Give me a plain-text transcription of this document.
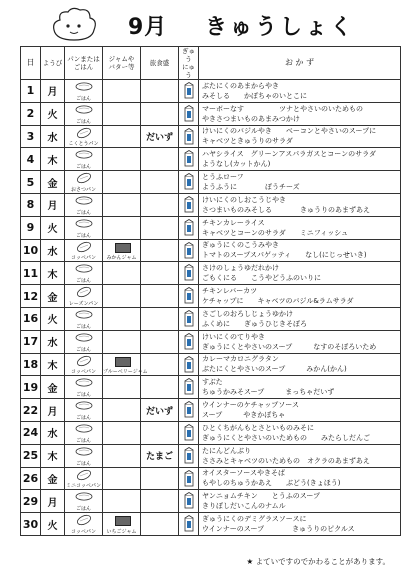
9月 きゅうしょく
日	ようび	パンまたは
ごはん	ジャムや
バター等	旅食盛	ぎゅう
にゅう	お か ず
1	月	ごはん				ぶたにくのあまからやき
みそしる　　かぼちゃのいとこに
2	火	ごはん				マーボーなす　　　　　ツナとやさいのいためもの
やきさつまいものあまみつかけ
3	水	こくとうパン		だいず		けいにくのバジルやき　　ベーコンとやさいのスープに
キャベツときゅうりのサラダ
4	木	ごはん				ハヤシライス　グリーンアスパラガスとコーンのサラダ
ようなし(カットかん)
5	金	おさつパン				とうふローフ
ようふうに　　　　ぼうチーズ
8	月	ごはん				けいにくのしおこうじやき
さつまいものみそしる　　　　きゅうりのあまずあえ
9	火	ごはん				チキンカレーライス
キャベツとコーンのサラダ　　ミニフィッシュ
10	水	コッペパン	みかんジャム			ぎゅうにくのこうみやき
トマトのスープスパゲッティ　　なし(にじっせいき)
11	木	ごはん				さけのしょうゆだれかけ
ごもくにる　　こうやどうふのいりに
12	金	レーズンパン				チキンレバーカツ
ケチャップに　　キャベツのバジル&ラムサラダ
16	火	ごはん				さごしのおろしじょうゆかけ
ふくめに　　ぎゅうひじきそぼろ
17	水	ごはん				けいにくのてりやき
ぎゅうにくとやさいのスープ　　　なすのそぼろいため
18	木	コッペパン	ブルーベリージャム			カレーマカロニグラタン
ぶたにくとやさいのスープ　　　みかん(かん)
19	金	ごはん				すぶた
ちゅうかみそスープ　　　まっちゃだいず
22	月	ごはん		だいず		ウインナーのケチャップソース
スープ　　　やきかぼちゃ
24	水	ごはん				ひとくちがんもとさといものみそに
ぎゅうにくとやさいのいためもの　　みたらしだんご
25	木	ごはん		たまご		たにんどんぶり
ささみとキャベツのいためもの　オクラのあまずあえ
26	金	ミニコッペパン				オイスターソースやきそば
もやしのちゅうかあえ　　ぶどう(きょほう)
29	月	ごはん				ヤンニョムチキン　　とうふのスープ
きりぼしだいこんのナムル
30	火	コッペパン	いちごジャム			ぎゅうにくのデミグラスソースに
ウインナーのスープ　　　　きゅうりのピクルス
★ よていですのでかわることがあります。
